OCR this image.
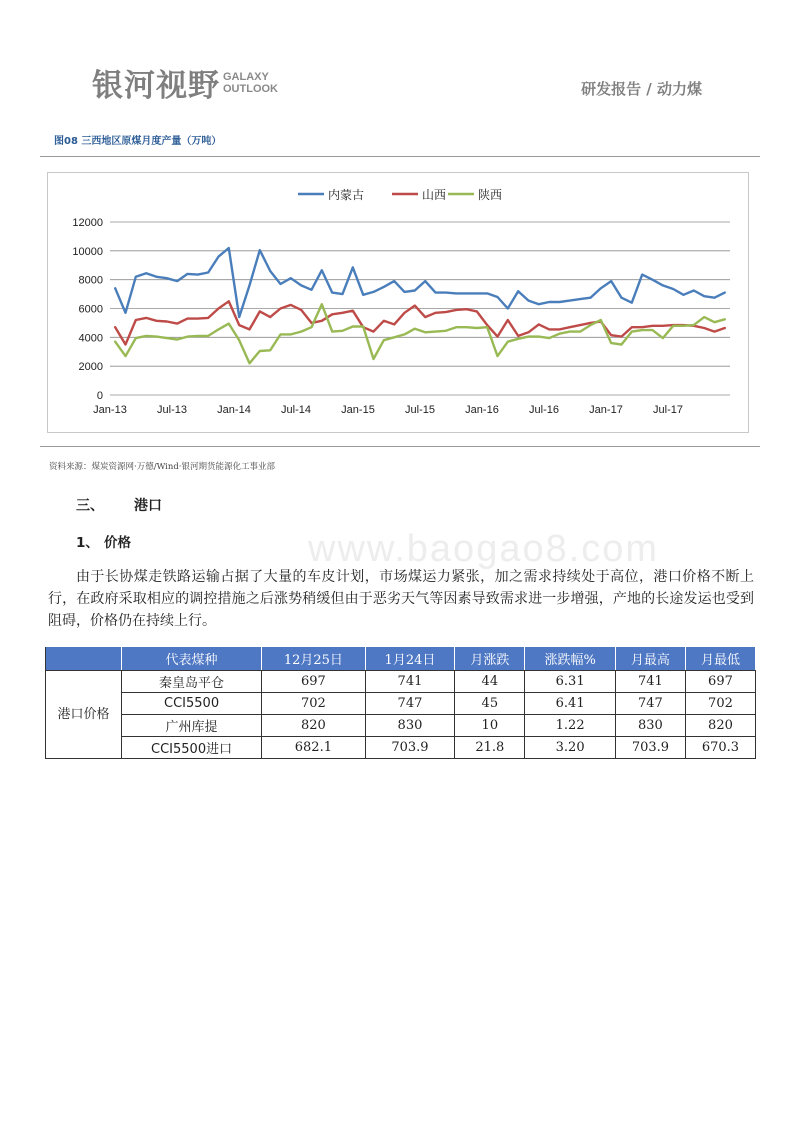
银河视野 GALAXY
OUTLOOK	研发报告 / 动力煤
图08 三西地区原煤月度产量（万吨）
0
2000
4000
6000
8000
10000
12000
Jan-13	Jul-13	Jan-14	Jul-14	Jan-15	Jul-15	Jan-16	Jul-16	Jan-17	Jul-17
内蒙古	山西	陕西
资料来源：煤炭资源网·万德/Wind·银河期货能源化工事业部
三、 港口
1、 价格	www.baogao8.com
由于长协煤走铁路运输占据了大量的车皮计划，市场煤运力紧张，加之需求持续处于高位，港口价格不断上行，在政府采取相应的调控措施之后涨势稍缓但由于恶劣天气等因素导致需求进一步增强，产地的长途发运也受到阻碍，价格仍在持续上行。
	代表煤种	12月25日	1月24日	月涨跌	涨跌幅%	月最高	月最低
港口价格	秦皇岛平仓	697	741	44	6.31	741	697
	CCI5500	702	747	45	6.41	747	702
	广州库提	820	830	10	1.22	830	820
	CCI5500进口	682.1	703.9	21.8	3.20	703.9	670.3
